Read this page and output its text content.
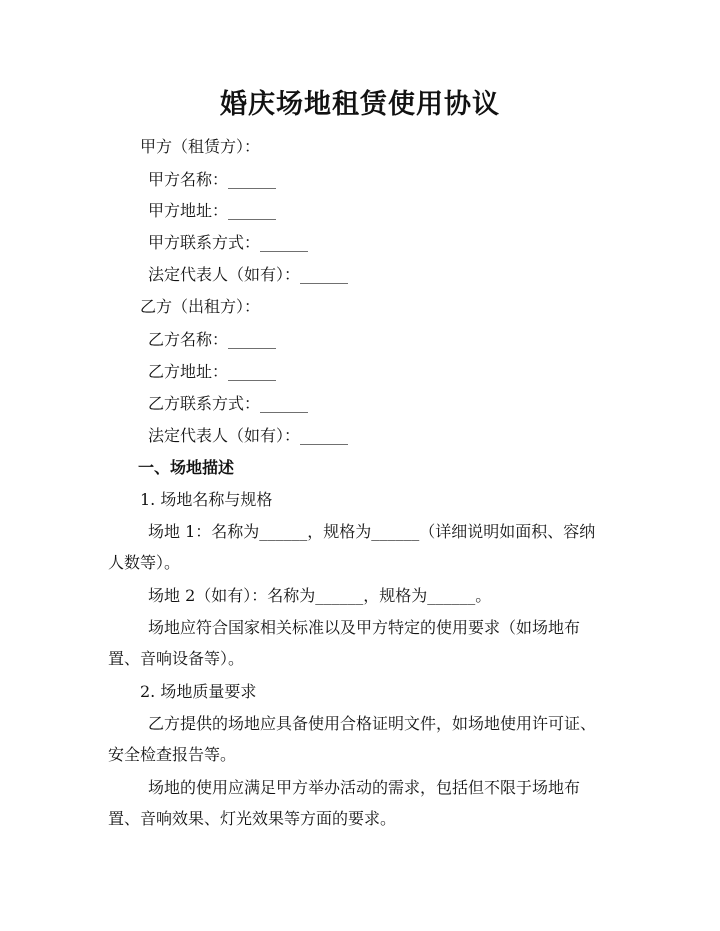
婚庆场地租赁使用协议
甲方（租赁方）：
甲方名称：______
甲方地址：______
甲方联系方式：______
法定代表人（如有）：______
乙方（出租方）：
乙方名称：______
乙方地址：______
乙方联系方式：______
法定代表人（如有）：______
一、场地描述
1. 场地名称与规格
场地 1：名称为______，规格为______（详细说明如面积、容纳
人数等）。
场地 2（如有）：名称为______，规格为______。
场地应符合国家相关标准以及甲方特定的使用要求（如场地布
置、音响设备等）。
2. 场地质量要求
乙方提供的场地应具备使用合格证明文件，如场地使用许可证、
安全检查报告等。
场地的使用应满足甲方举办活动的需求，包括但不限于场地布
置、音响效果、灯光效果等方面的要求。
